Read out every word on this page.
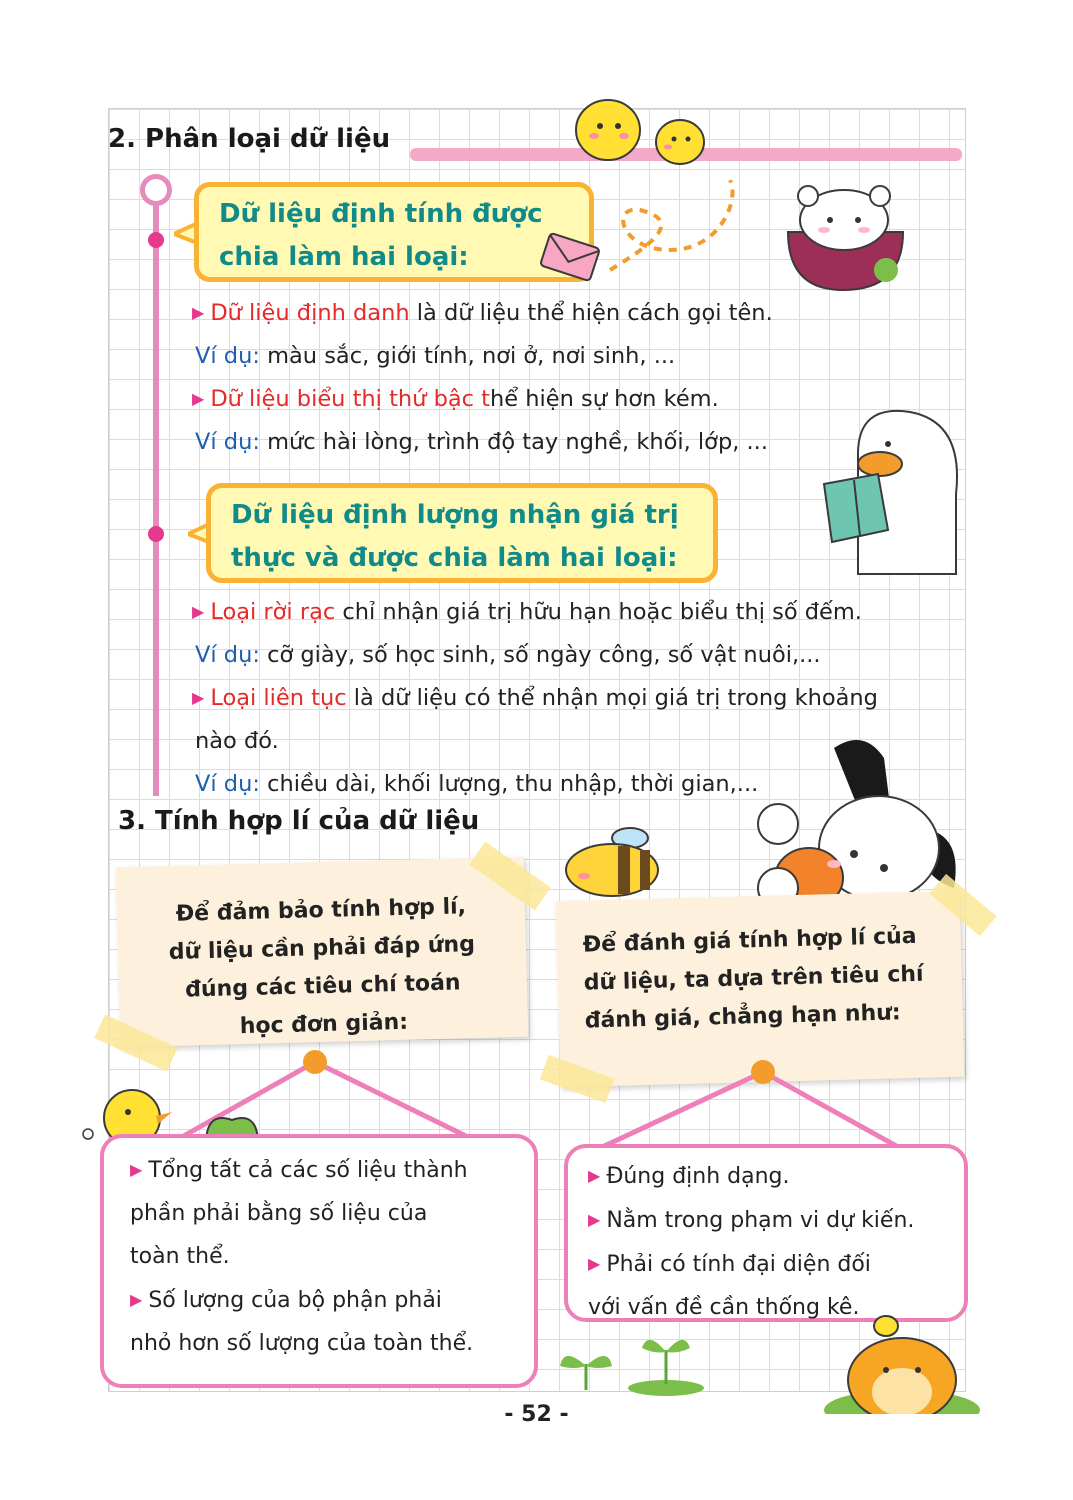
2. Phân loại dữ liệu
Dữ liệu định tính được
chia làm hai loại:
▶ Dữ liệu định danh là dữ liệu thể hiện cách gọi tên.
Ví dụ: màu sắc, giới tính, nơi ở, nơi sinh, ...
▶ Dữ liệu biểu thị thứ bậc thể hiện sự hơn kém.
Ví dụ: mức hài lòng, trình độ tay nghề, khối, lớp, ...
Dữ liệu định lượng nhận giá trị
thực và được chia làm hai loại:
▶ Loại rời rạc chỉ nhận giá trị hữu hạn hoặc biểu thị số đếm.
Ví dụ: cỡ giày, số học sinh, số ngày công, số vật nuôi,...
▶ Loại liên tục là dữ liệu có thể nhận mọi giá trị trong khoảng
nào đó.
Ví dụ: chiều dài, khối lượng, thu nhập, thời gian,...
3. Tính hợp lí của dữ liệu
Để đảm bảo tính hợp lí,
dữ liệu cần phải đáp ứng
đúng các tiêu chí toán
học đơn giản:
Để đánh giá tính hợp lí của
dữ liệu, ta dựa trên tiêu chí
đánh giá, chẳng hạn như:
▶ Tổng tất cả các số liệu thành
phần phải bằng số liệu của
toàn thể.
▶ Số lượng của bộ phận phải
nhỏ hơn số lượng của toàn thể.
▶ Đúng định dạng.
▶ Nằm trong phạm vi dự kiến.
▶ Phải có tính đại diện đối
với vấn đề cần thống kê.
- 52 -
